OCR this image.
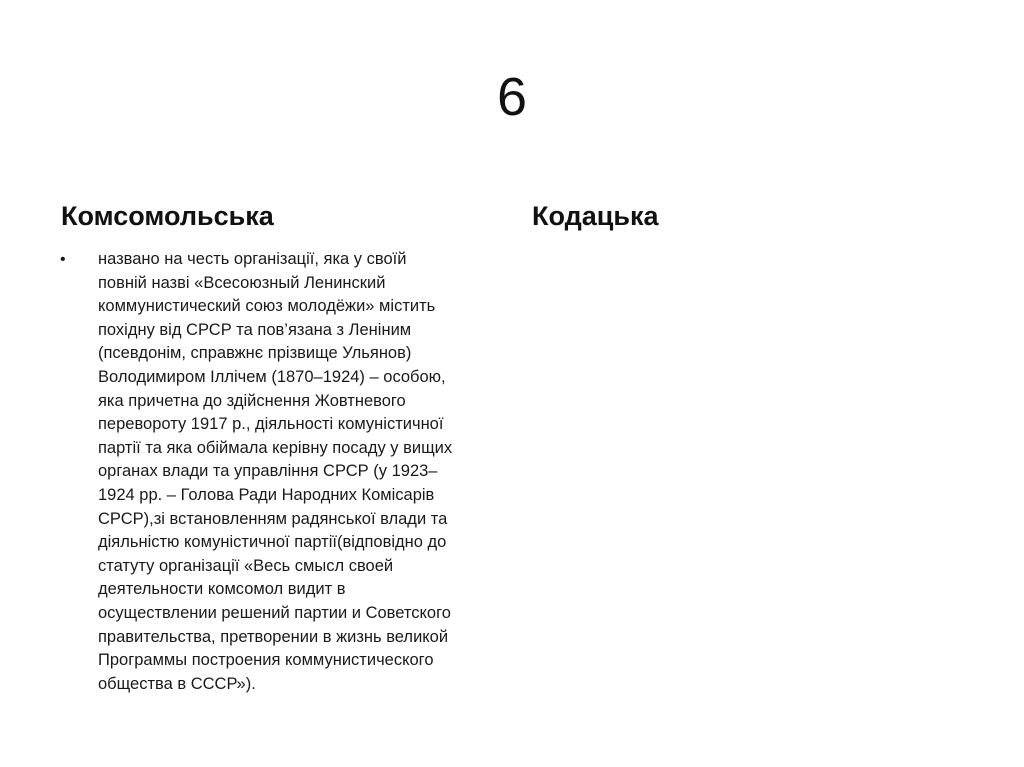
6
Комсомольська	Кодацька
• названо на честь організації, яка у своїй
повній назві «Всесоюзный Ленинский
коммунистический союз молодёжи» містить
похідну від СРСР та пов’язана з Леніним
(псевдонім, справжнє прізвище Ульянов)
Володимиром Іллічем (1870–1924) – особою,
яка причетна до здійснення Жовтневого
перевороту 1917 р., діяльності комуністичної
партії та яка обіймала керівну посаду у вищих
органах влади та управління СРСР (у 1923–
1924 рр. – Голова Ради Народних Комісарів
СРСР),зі встановленням радянської влади та
діяльністю комуністичної партії(відповідно до
статуту організації «Весь смысл своей
деятельности комсомол видит в
осуществлении решений партии и Советского
правительства, претворении в жизнь великой
Программы построения коммунистического
общества в СССР»).
